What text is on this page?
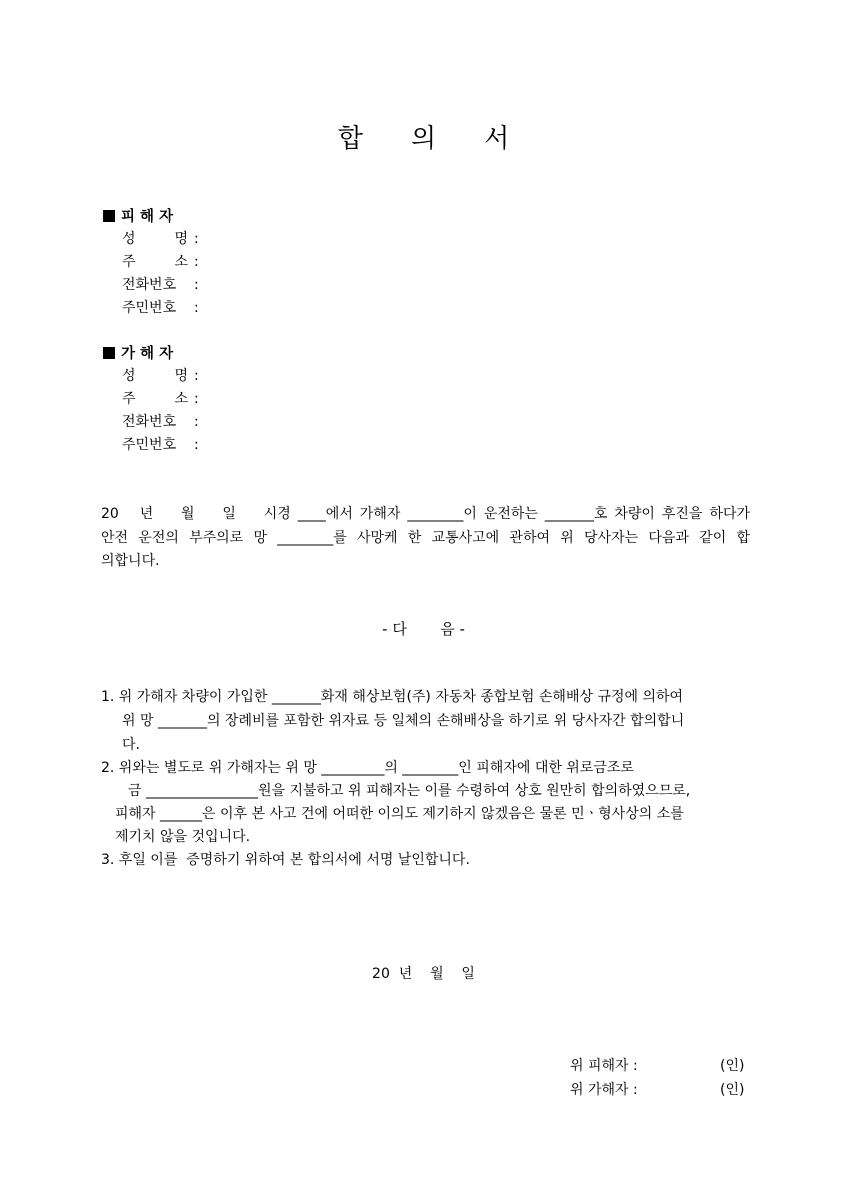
합 의 서
피 해 자
성 명 :
주 소 :
전화번호 :
주민번호 :
가 해 자
성 명 :
주 소 :
전화번호 :
주민번호 :
20   년    월    일    시경 ____에서 가해자 ________이 운전하는 _______호 차량이 후진을 하다가
안전 운전의 부주의로 망 ________를 사망케 한 교통사고에 관하여 위 당사자는 다음과 같이 합
의합니다.
- 다       음 -
1. 위 가해자 차량이 가입한 _______화재 해상보험(주) 자동차 종합보험 손해배상 규정에 의하여
위 망 _______의 장례비를 포함한 위자료 등 일체의 손해배상을 하기로 위 당사자간 합의합니
다.
2. 위와는 별도로 위 가해자는 위 망 _________의 ________인 피해자에 대한 위로금조로
금 ________________원을 지불하고 위 피해자는 이를 수령하여 상호 원만히 합의하였으므로,
피해자 ______은 이후 본 사고 건에 어떠한 이의도 제기하지 않겠음은 물론 민ㆍ형사상의 소를
제기치 않을 것입니다.
3. 후일 이를  증명하기 위하여 본 합의서에 서명 날인합니다.
20  년    월    일
위 피해자 :	(인)
위 가해자 :	(인)
